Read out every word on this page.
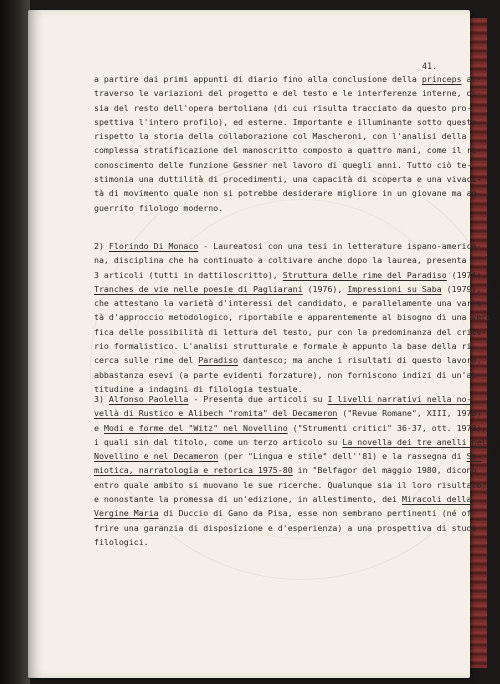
41.
a partire dai primi appunti di diario fino alla conclusione della princeps at-
traverso le variazioni del progetto e del testo e le interferenze interne, os-
sia del resto dell'opera bertoliana (di cui risulta tracciato da questo pro-
spettiva l'intero profilo), ed esterne. Importante e illuminante sotto questo
rispetto la storia della collaborazione col Mascheroni, con l'analisi della
complessa stratificazione del manoscritto composto a quattro mani, come il ri-
conoscimento delle funzione Gessner nel lavoro di quegli anni. Tutto ciò te-
stimonia una duttilità di procedimenti, una capacità di scoperta e una vivaci-
tà di movimento quale non si potrebbe desiderare migliore in un giovane ma ag-
guerrito filologo moderno.
2) Florindo Di Monaco - Laureatosi con una tesi in letterature ispano-america-
na, disciplina che ha continuato a coltivare anche dopo la laurea, presenta
3 articoli (tutti in dattiloscritto), Struttura delle rime del Paradiso (1974),
Tranches de vie nelle poesie di Pagliarani (1976), Impressioni su Saba (1979),
che attestano la varietà d'interessi del candidato, e parallelamente una varie-
tà d'approccio metodologico, riportabile e apparentemente al bisogno di una veri-
fica delle possibilità di lettura del testo, pur con la predominanza del crite-
rio formalistico. L'analisi strutturale e formale è appunto la base della ri-
cerca sulle rime del Paradiso dantesco; ma anche i risultati di questo lavoro,
abbastanza esevi (a parte evidenti forzature), non forniscono indizi di un'at-
titudine a indagini di filologia testuale.
3) Alfonso Paolella - Presenta due articoli su I livelli narrativi nella no-
vellà di Rustico e Alibech "romita" del Decameron ("Revue Romane", XIII, 1978)
e Modi e forme del "Witz" nel Novellino ("Strumenti critici" 36-37, ott. 1978),
i quali sin dal titolo, come un terzo articolo su La novella dei tre anelli nel
Novellino e nel Decameron (per "Lingua e stile" dell''81) e la rassegna di Se-
miotica, narratologia e retorica 1975-80 in "Belfagor del maggio 1980, dicono
entro quale ambito si muovano le sue ricerche. Qualunque sia il loro risultato,
e nonostante la promessa di un'edizione, in allestimento, dei Miracoli della
Vergine Maria di Duccio di Gano da Pisa, esse non sembrano pertinenti (né of-
frire una garanzia di disposizione e d'esperienza) a una prospettiva di studi
filologici.
